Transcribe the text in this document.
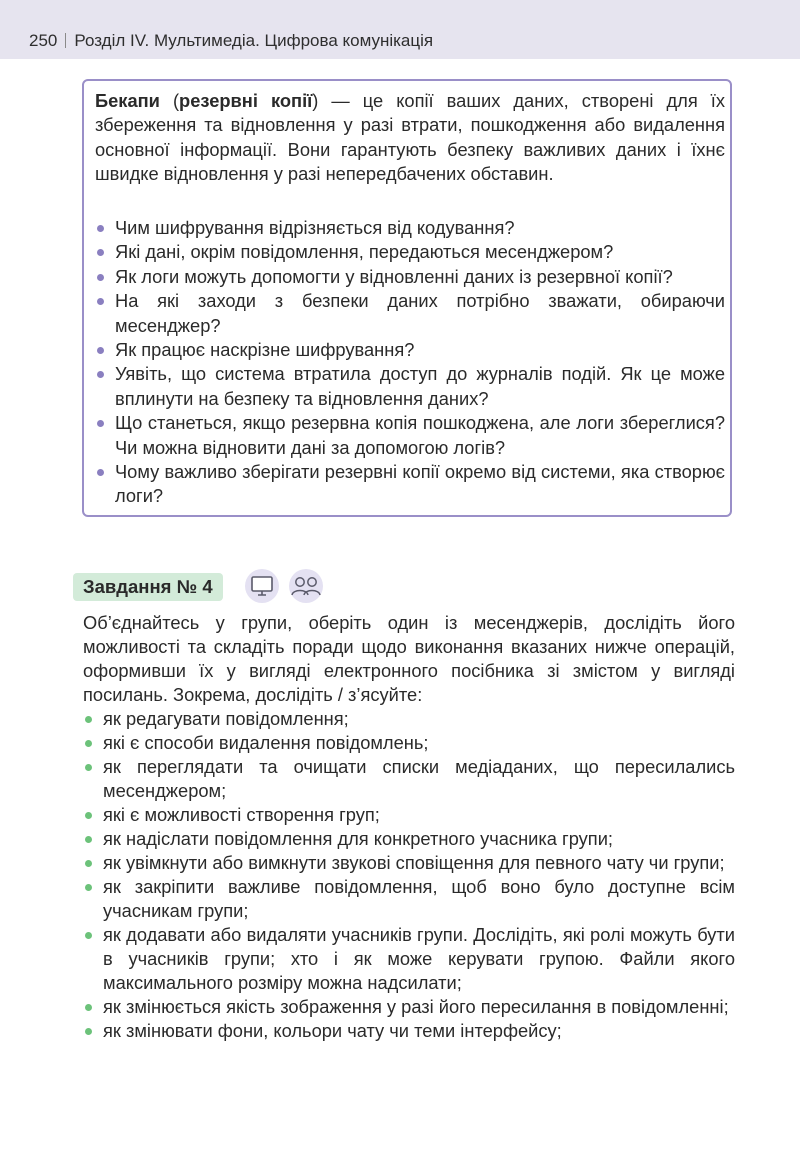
250 Розділ IV. Мультимедіа. Цифрова комунікація
Бекапи (резервні копії) — це копії ваших даних, створені для їх збереження та відновлення у разі втрати, пошкодження або видалення основної інформації. Вони гарантують безпеку важливих даних і їхнє швидке відновлення у разі непередбачених обставин.
Чим шифрування відрізняється від кодування?
Які дані, окрім повідомлення, передаються месенджером?
Як логи можуть допомогти у відновленні даних із резервної копії?
На які заходи з безпеки даних потрібно зважати, обираючи месенджер?
Як працює наскрізне шифрування?
Уявіть, що система втратила доступ до журналів подій. Як це може вплинути на безпеку та відновлення даних?
Що станеться, якщо резервна копія пошкоджена, але логи збереглися? Чи можна відновити дані за допомогою логів?
Чому важливо зберігати резервні копії окремо від системи, яка створює логи?
Завдання № 4
Об’єднайтесь у групи, оберіть один із месенджерів, дослідіть його можливості та складіть поради щодо виконання вказаних нижче операцій, оформивши їх у вигляді електронного посібника зі змістом у вигляді посилань. Зокрема, дослідіть / з’ясуйте:
як редагувати повідомлення;
які є способи видалення повідомлень;
як переглядати та очищати списки медіаданих, що пересилались месенджером;
які є можливості створення груп;
як надіслати повідомлення для конкретного учасника групи;
як увімкнути або вимкнути звукові сповіщення для певного чату чи групи;
як закріпити важливе повідомлення, щоб воно було доступне всім учасникам групи;
як додавати або видаляти учасників групи. Дослідіть, які ролі можуть бути в учасників групи; хто і як може керувати групою. Файли якого максимального розміру можна надсилати;
як змінюється якість зображення у разі його пересилання в повідомленні;
як змінювати фони, кольори чату чи теми інтерфейсу;
